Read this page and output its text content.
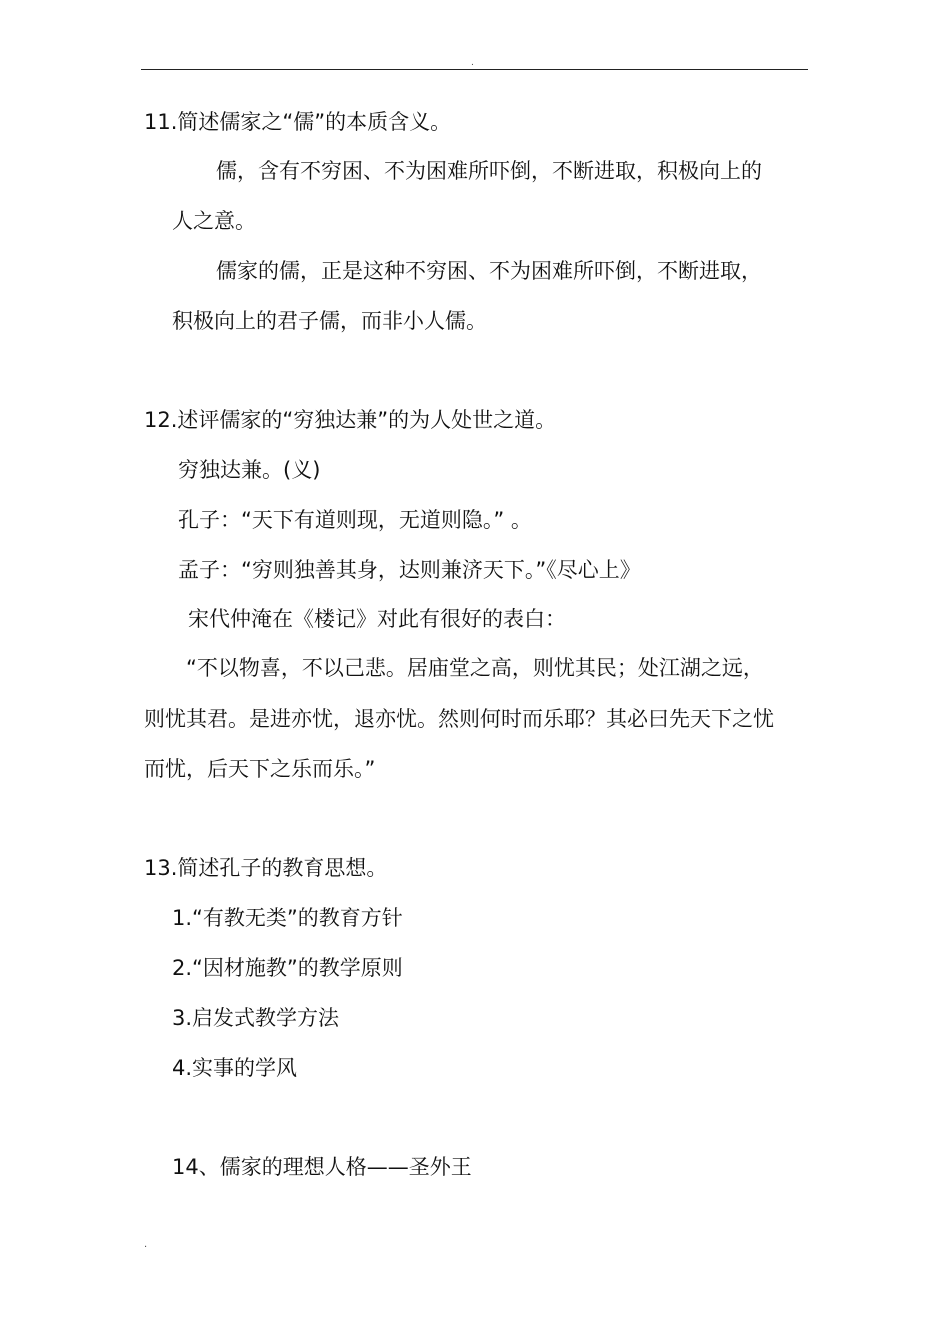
.
11.简述儒家之“儒”的本质含义。
儒，含有不穷困、不为困难所吓倒，不断进取，积极向上的
人之意。
儒家的儒，正是这种不穷困、不为困难所吓倒，不断进取，
积极向上的君子儒，而非小人儒。
12.述评儒家的“穷独达兼”的为人处世之道。
穷独达兼。(义)
孔子：“天下有道则现，无道则隐。” 。
孟子：“穷则独善其身，达则兼济天下。”《尽心上》
宋代仲淹在《楼记》对此有很好的表白：
“不以物喜，不以己悲。居庙堂之高，则忧其民；处江湖之远，
则忧其君。是进亦忧，退亦忧。然则何时而乐耶？其必曰先天下之忧
而忧，后天下之乐而乐。”
13.简述孔子的教育思想。
1.“有教无类”的教育方针
2.“因材施教”的教学原则
3.启发式教学方法
4.实事的学风
14、儒家的理想人格——圣外王
.
